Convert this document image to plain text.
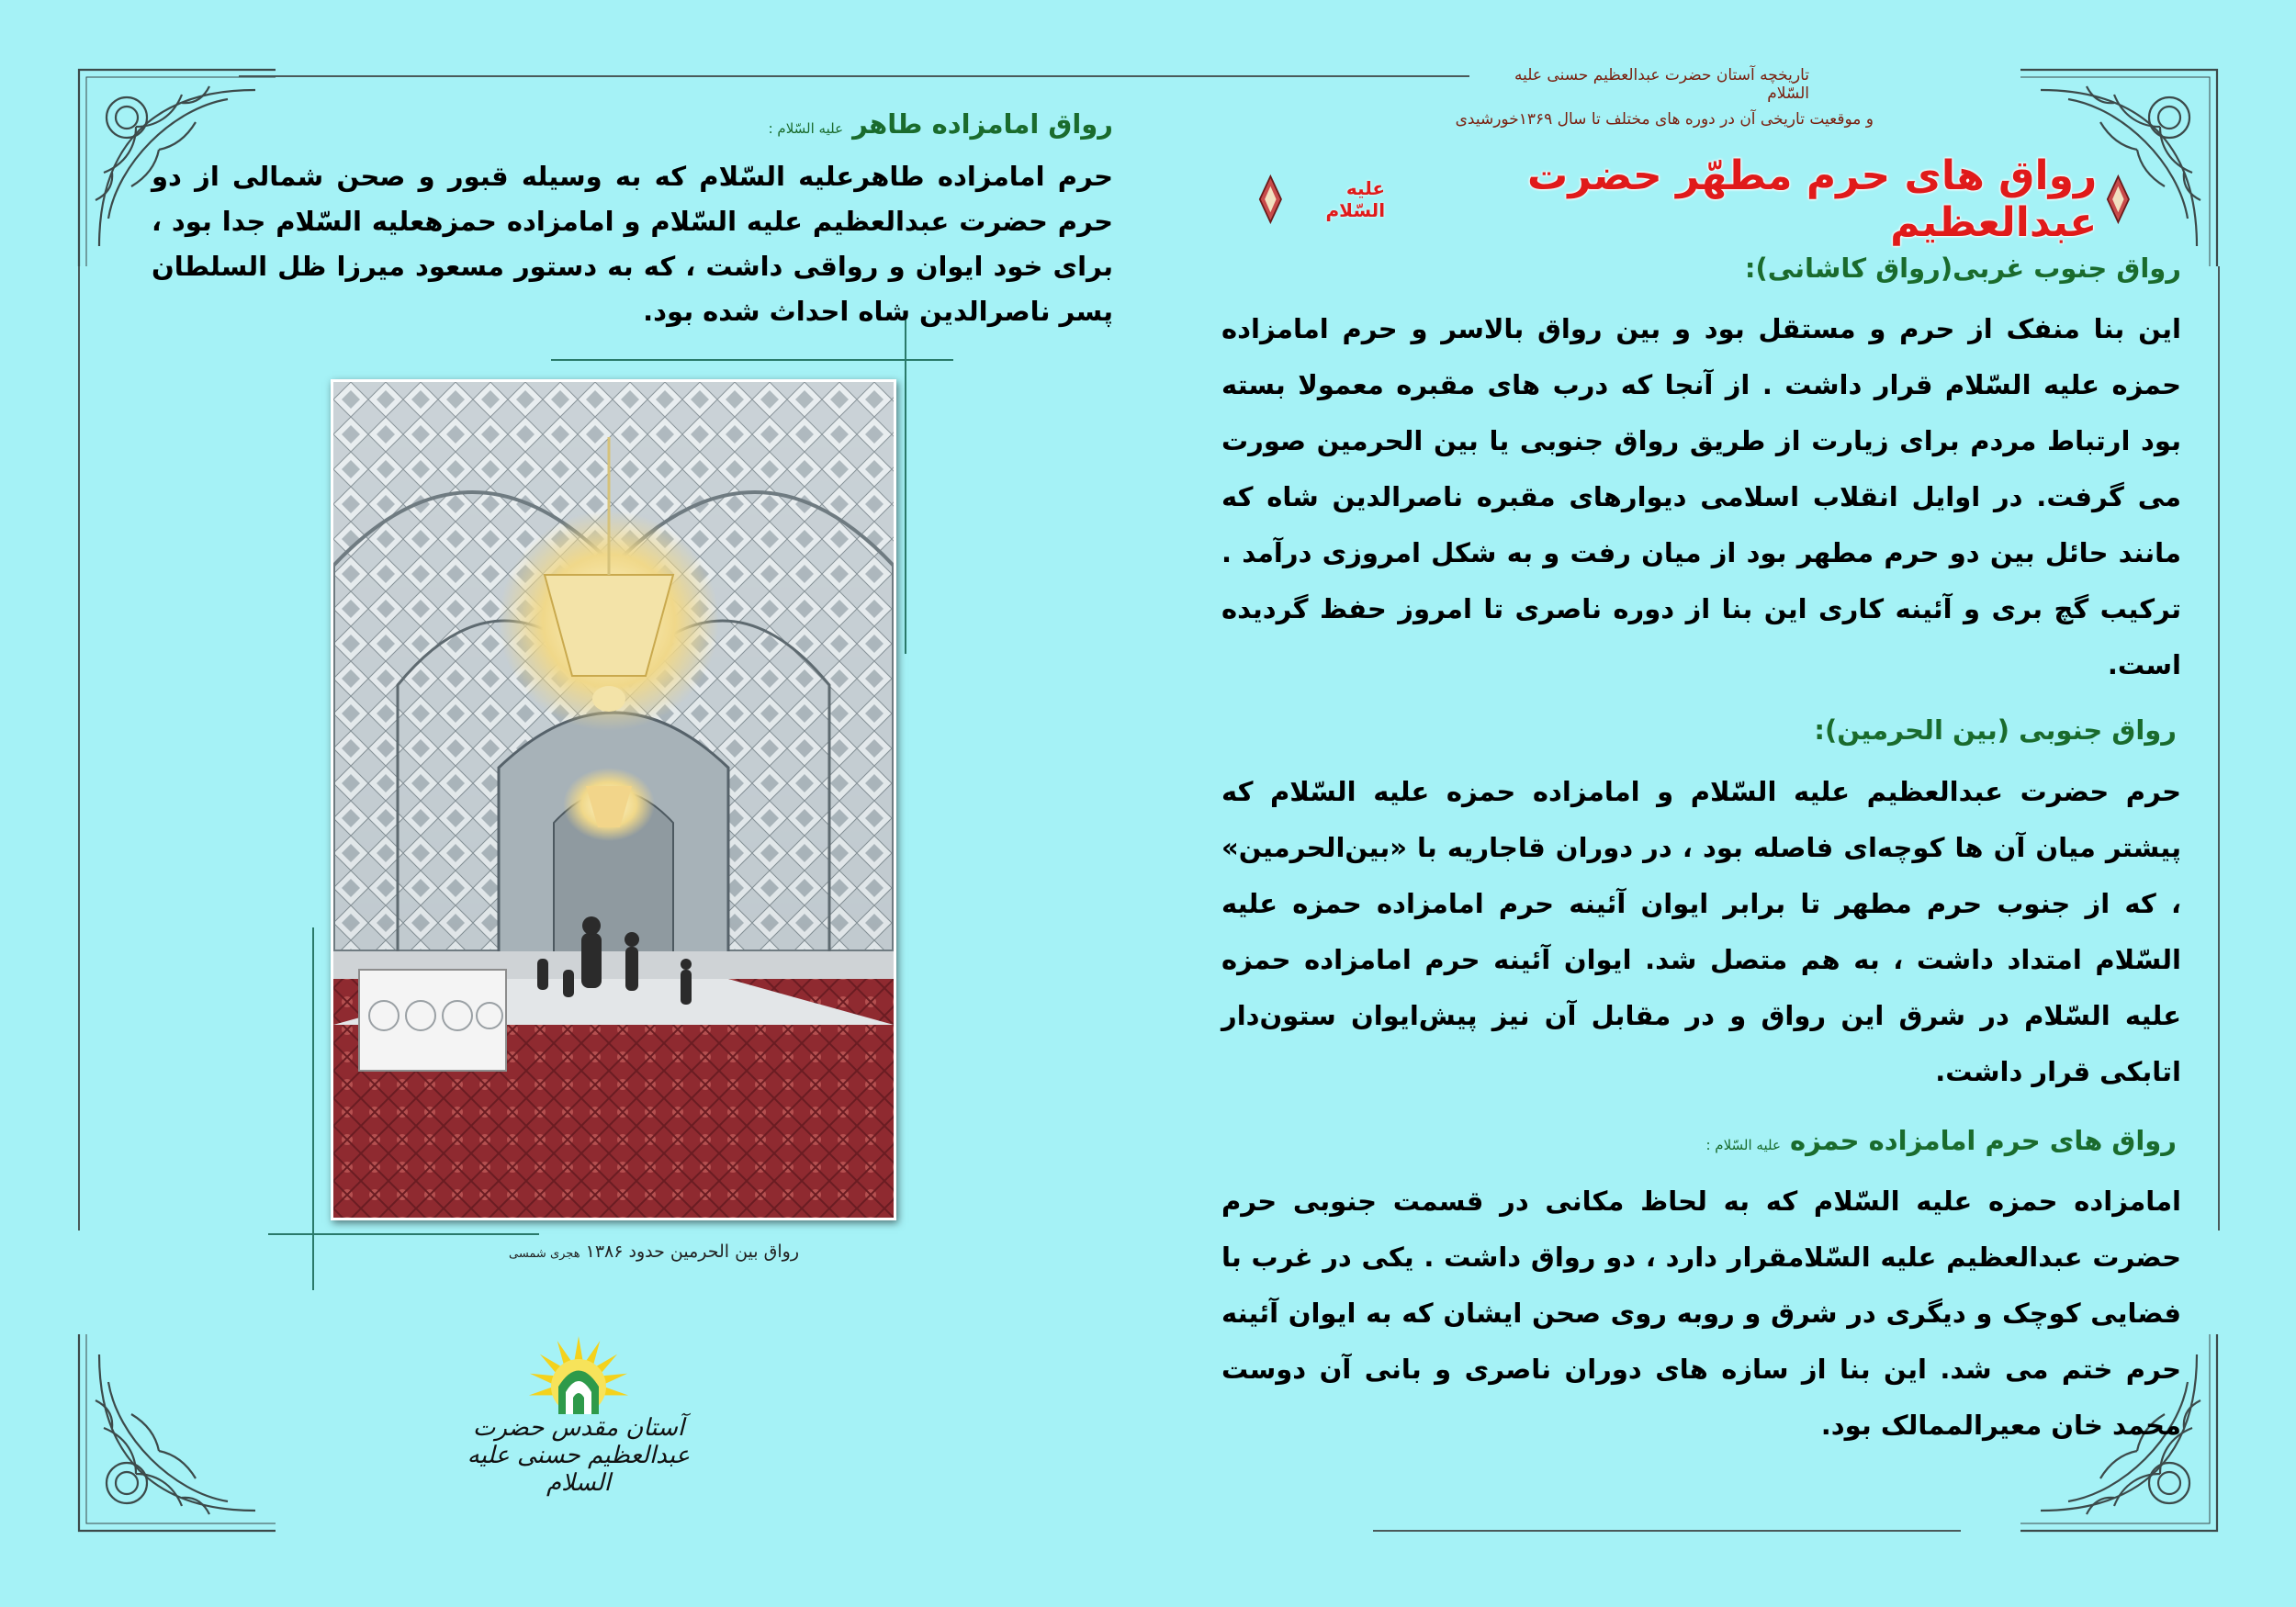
تاریخچه آستان حضرت عبدالعظیم حسنی علیه السّلام
و موقعیت تاریخی آن در دوره های مختلف تا سال ۱۳۶۹خورشیدی
رواق های حرم مطهّر حضرت عبدالعظیم
علیه السّلام
رواق جنوب غربی(رواق کاشانی):
این بنا منفک از حرم و مستقل بود و بین رواق بالاسر و حرم امامزاده حمزه علیه السّلام قرار داشت . از آنجا که درب های مقبره معمولا بسته بود ارتباط مردم برای زیارت از طریق رواق جنوبی یا بین الحرمین صورت می گرفت. در اوایل انقلاب اسلامی دیوارهای مقبره ناصرالدین شاه که مانند حائل بین دو حرم مطهر بود از میان رفت و به شکل امروزی درآمد . ترکیب گچ بری و آئینه کاری این بنا از دوره ناصری تا امروز حفظ گردیده است.
رواق جنوبی (بین الحرمین):
حرم حضرت عبدالعظیم علیه السّلام و امامزاده حمزه علیه السّلام که پیشتر میان آن ها کوچه‌ای فاصله بود ، در دوران قاجاریه با «بین‌الحرمین» ، که از جنوب حرم مطهر تا برابر ایوان آئینه حرم امامزاده حمزه علیه السّلام امتداد داشت ، به هم متصل شد. ایوان آئینه حرم امامزاده حمزه علیه السّلام در شرق این رواق و در مقابل آن نیز پیش‌ایوان ستون‌دار اتابکی قرار داشت.
رواق های حرم امامزاده حمزه علیه السّلام :
امامزاده حمزه علیه السّلام که به لحاظ مکانی در قسمت جنوبی حرم حضرت عبدالعظیم علیه السّلامقرار دارد ، دو رواق داشت . یکی در غرب با فضایی کوچک و دیگری در شرق و روبه روی صحن ایشان که به ایوان آئینه حرم ختم می شد. این بنا از سازه های دوران ناصری و بانی آن دوست محمد خان معیرالممالک بود.
رواق امامزاده طاهر علیه السّلام :
حرم امامزاده طاهرعلیه السّلام که به وسیله قبور و صحن شمالی از دو حرم حضرت عبدالعظیم علیه السّلام و امامزاده حمزهعلیه السّلام جدا بود ، برای خود ایوان و رواقی داشت ، که به دستور مسعود میرزا ظل السلطان پسر ناصرالدین شاه احداث شده بود.
رواق بین الحرمین حدود ۱۳۸۶ هجری شمسی
آستان مقدس حضرت عبدالعظیم حسنی علیه السلام
